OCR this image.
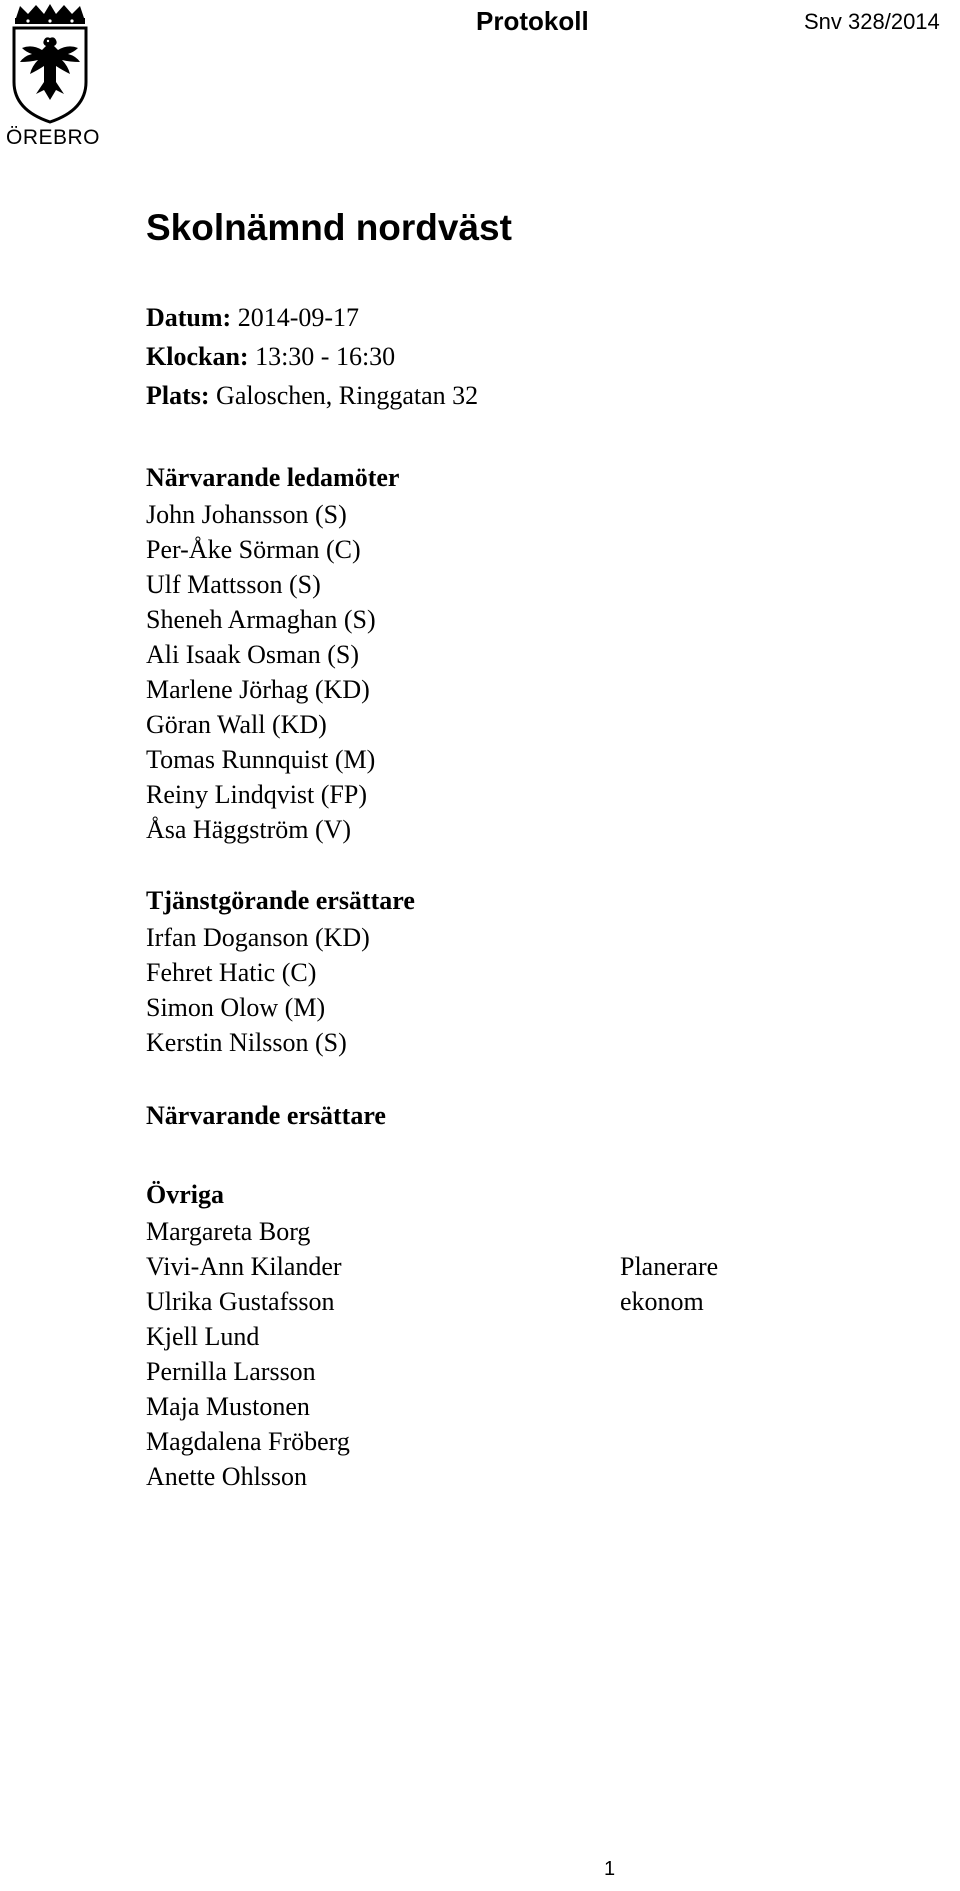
ÖREBRO
Protokoll	Snv 328/2014
Skolnämnd nordväst
Datum: 2014-09-17
Klockan: 13:30 - 16:30
Plats: Galoschen, Ringgatan 32
Närvarande ledamöter
John Johansson (S)
Per-Åke Sörman (C)
Ulf Mattsson (S)
Sheneh Armaghan (S)
Ali Isaak Osman (S)
Marlene Jörhag (KD)
Göran Wall (KD)
Tomas Runnquist (M)
Reiny Lindqvist (FP)
Åsa Häggström (V)
Tjänstgörande ersättare
Irfan Doganson (KD)
Fehret Hatic (C)
Simon Olow (M)
Kerstin Nilsson (S)
Närvarande ersättare
Övriga
Margareta Borg
Vivi-Ann Kilander	Planerare
Ulrika Gustafsson	ekonom
Kjell Lund
Pernilla Larsson
Maja Mustonen
Magdalena Fröberg
Anette Ohlsson
1
